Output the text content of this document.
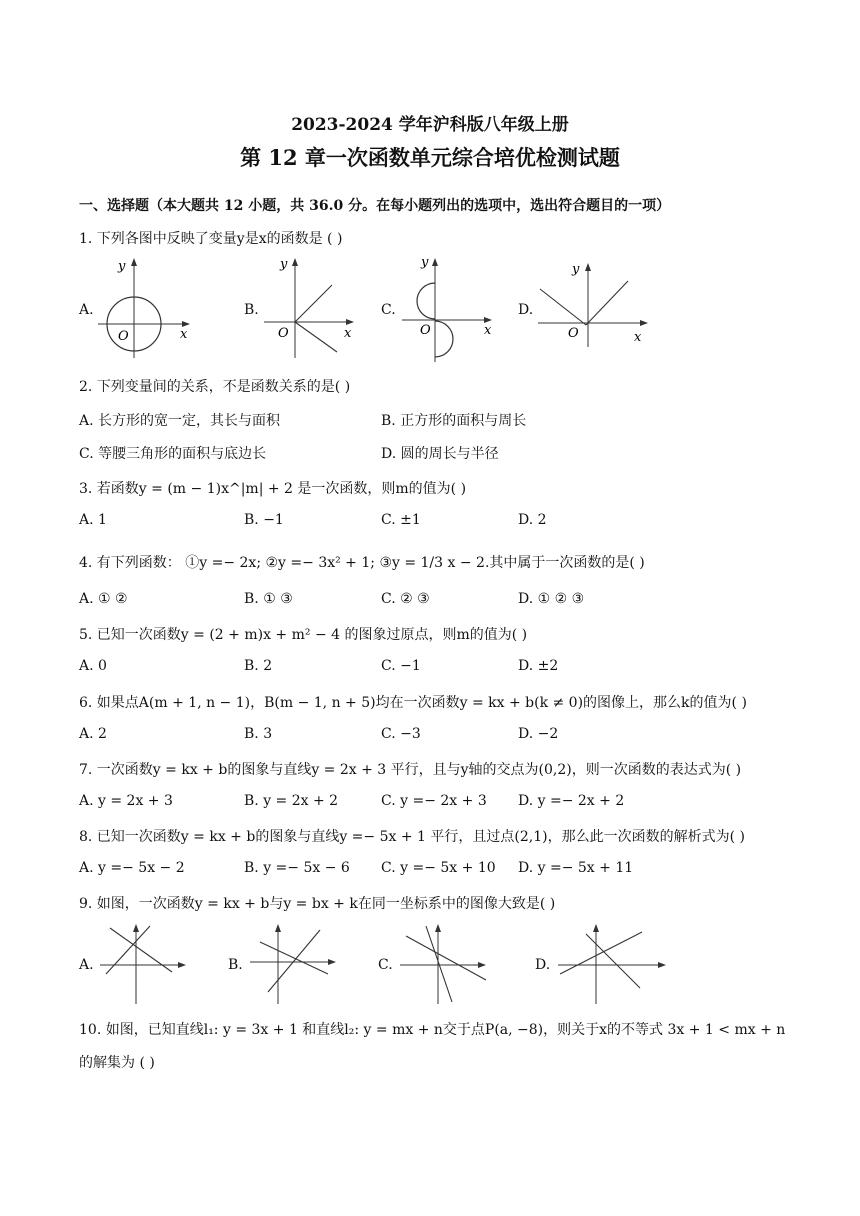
2023-2024 学年沪科版八年级上册
第 12 章一次函数单元综合培优检测试题
一、选择题（本大题共 12 小题，共 36.0 分。在每小题列出的选项中，选出符合题目的一项）
1. 下列各图中反映了变量y是x的函数是 ( )
A.	B.	C.	D.
O	x
y
O	x
y
O	x
y
O	x
y
2. 下列变量间的关系，不是函数关系的是( )
A. 长方形的宽一定，其长与面积	B. 正方形的面积与周长
C. 等腰三角形的面积与底边长	D. 圆的周长与半径
3. 若函数y = (m − 1)x^|m| + 2 是一次函数，则m的值为( )
A. 1	B. −1	C. ±1	D. 2
4. 有下列函数： ①y =− 2x; ②y =− 3x² + 1; ③y = 1/3 x − 2.其中属于一次函数的是( )
A. ① ②	B. ① ③	C. ② ③	D. ① ② ③
5. 已知一次函数y = (2 + m)x + m² − 4 的图象过原点，则m的值为( )
A. 0	B. 2	C. −1	D. ±2
6. 如果点A(m + 1, n − 1)，B(m − 1, n + 5)均在一次函数y = kx + b(k ≠ 0)的图像上，那么k的值为( )
A. 2	B. 3	C. −3	D. −2
7. 一次函数y = kx + b的图象与直线y = 2x + 3 平行，且与y轴的交点为(0,2)，则一次函数的表达式为( )
A. y = 2x + 3	B. y = 2x + 2	C. y =− 2x + 3 D. y =− 2x + 2
8. 已知一次函数y = kx + b的图象与直线y =− 5x + 1 平行，且过点(2,1)，那么此一次函数的解析式为( )
A. y =− 5x − 2	B. y =− 5x − 6 C. y =− 5x + 10 D. y =− 5x + 11
9. 如图，一次函数y = kx + b与y = bx + k在同一坐标系中的图像大致是( )
A.	B.	C.	D.
10. 如图，已知直线l₁: y = 3x + 1 和直线l₂: y = mx + n交于点P(a, −8)，则关于x的不等式 3x + 1 < mx + n
的解集为 ( )
